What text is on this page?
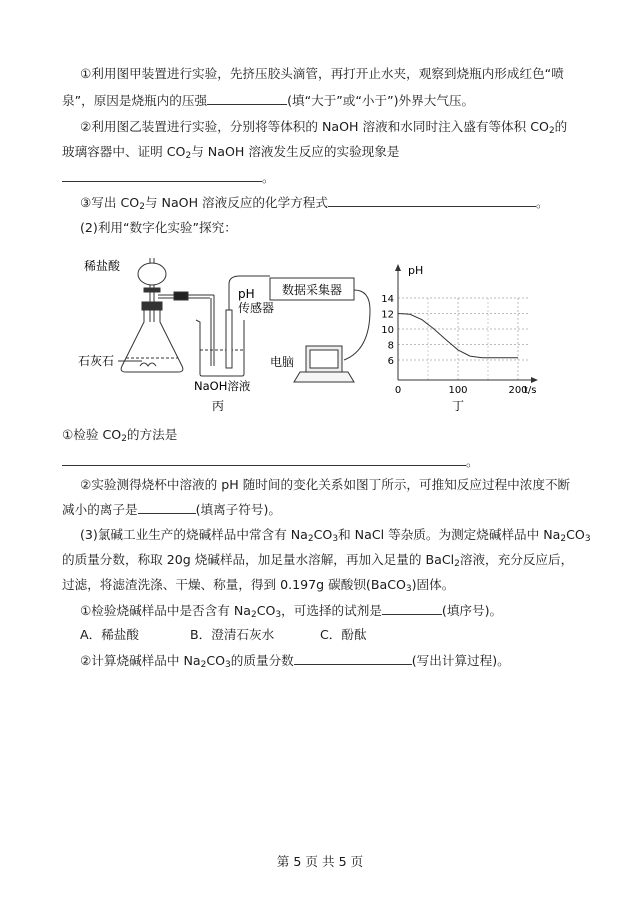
①利用图甲装置进行实验，先挤压胶头滴管，再打开止水夹，观察到烧瓶内形成红色“喷
泉”，原因是烧瓶内的压强	(填“大于”或“小于”)外界大气压。
②利用图乙装置进行实验，分别将等体积的 NaOH 溶液和水同时注入盛有等体积 $CO_2$的
玻璃容器中、证明 $CO_2$与 NaOH 溶液发生反应的实验现象是
。
③写出 $CO_2$与 NaOH 溶液反应的化学方程式	。
(2)利用“数字化实验”探究：
数据采集器
稀盐酸
石灰石
pH
传感器
电脑
NaOH溶液
丙
pH
t/s
6
8
10
12
14
0	100	200
丁
①检验 $CO_2$的方法是
。
②实验测得烧杯中溶液的 pH 随时间的变化关系如图丁所示，可推知反应过程中浓度不断
减小的离子是	(填离子符号)。
(3)氯碱工业生产的烧碱样品中常含有 $Na_2CO_3$和 NaCl 等杂质。为测定烧碱样品中 $Na_2CO_3$
的质量分数，称取 20g 烧碱样品，加足量水溶解，再加入足量的 BaCl$_2$溶液，充分反应后，
过滤，将滤渣洗涤、干燥、称量，得到 0.197g 碳酸钡(BaCO$_3$)固体。
①检验烧碱样品中是否含有 $Na_2CO_3$，可选择的试剂是	(填序号)。
A．稀盐酸	B．澄清石灰水	C．酚酞
②计算烧碱样品中 $Na_2CO_3$的质量分数	(写出计算过程)。
第 5 页 共 5 页
